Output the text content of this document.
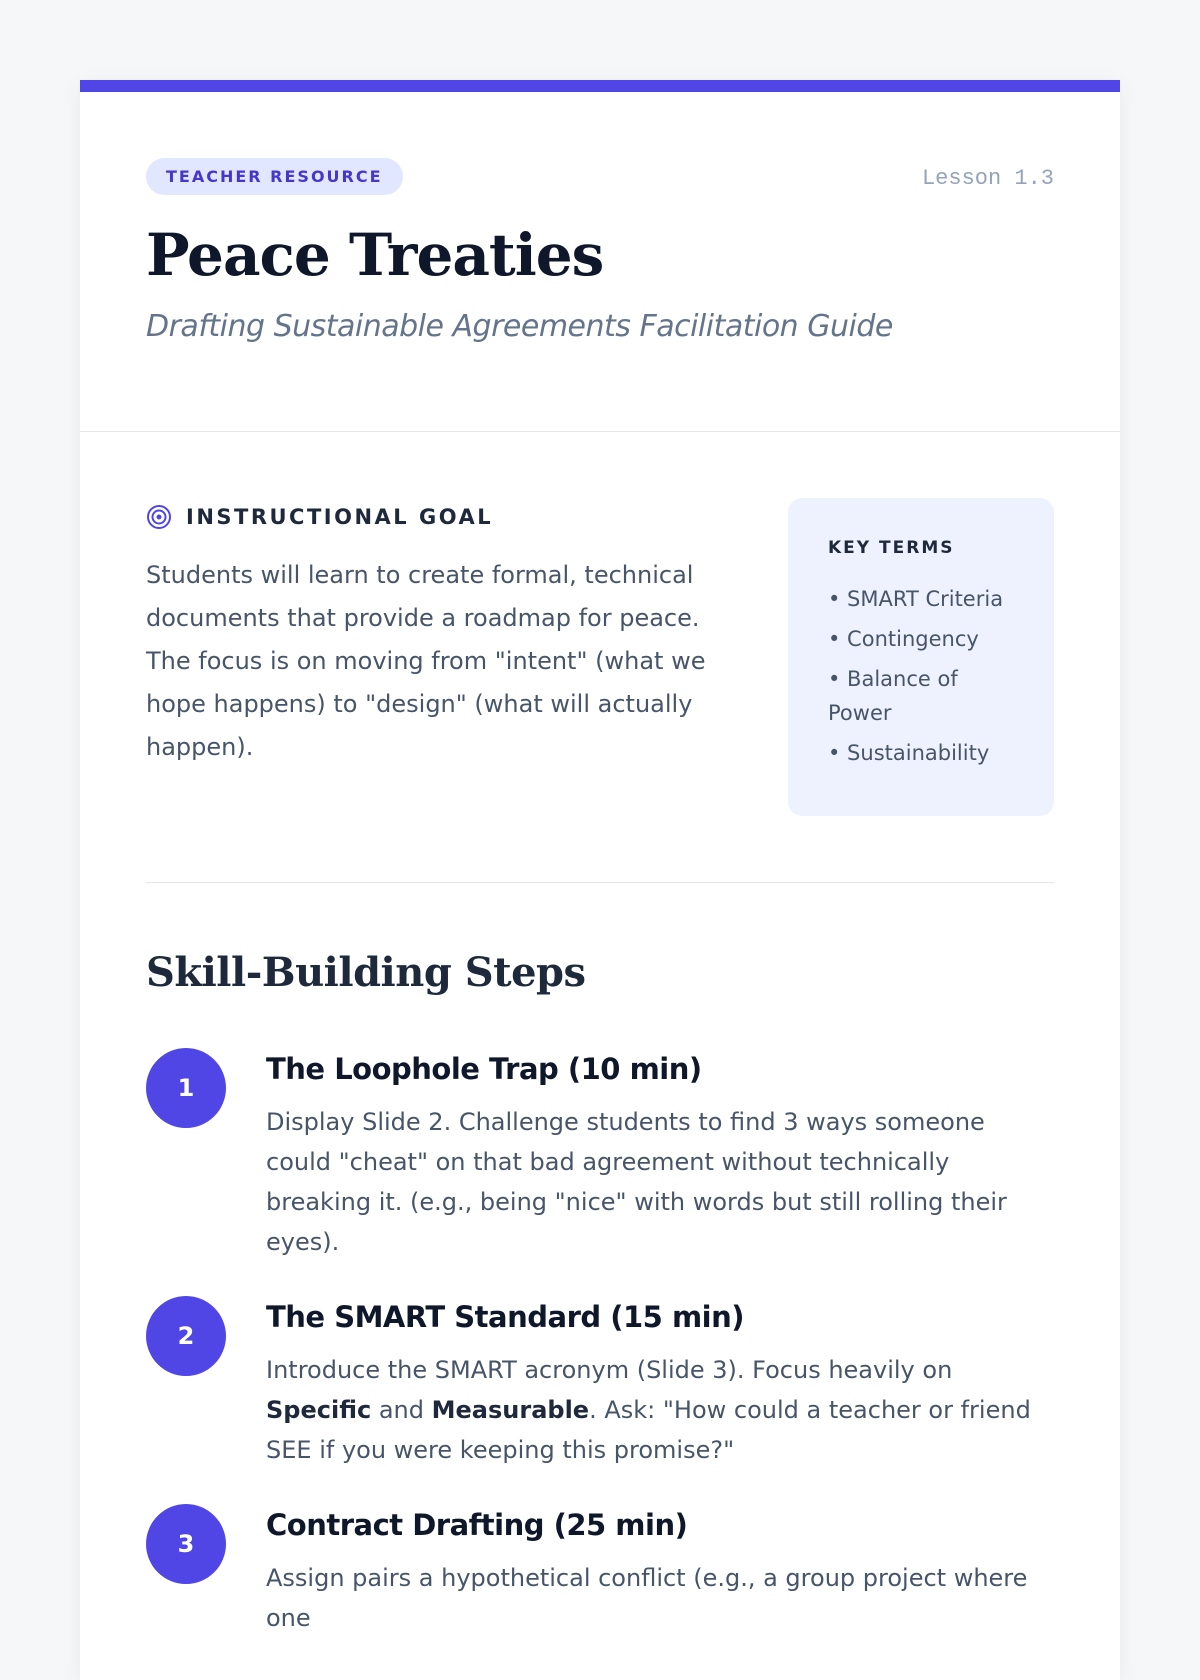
TEACHER RESOURCE	Lesson 1.3
Peace Treaties
Drafting Sustainable Agreements Facilitation Guide
INSTRUCTIONAL GOAL

Students will learn to create formal, technical documents that provide a roadmap for peace. The focus is on moving from "intent" (what we hope happens) to "design" (what will actually happen).

KEY TERMS
• SMART Criteria
• Contingency
• Balance of Power
• Sustainability
Skill-Building Steps
1
The Loophole Trap (10 min)

Display Slide 2. Challenge students to find 3 ways someone could "cheat" on that bad agreement without technically breaking it. (e.g., being "nice" with words but still rolling their eyes).

2
The SMART Standard (15 min)

Introduce the SMART acronym (Slide 3). Focus heavily on Specific and Measurable. Ask: "How could a teacher or friend SEE if you were keeping this promise?"

3
Contract Drafting (25 min)

Assign pairs a hypothetical conflict (e.g., a group project where one
